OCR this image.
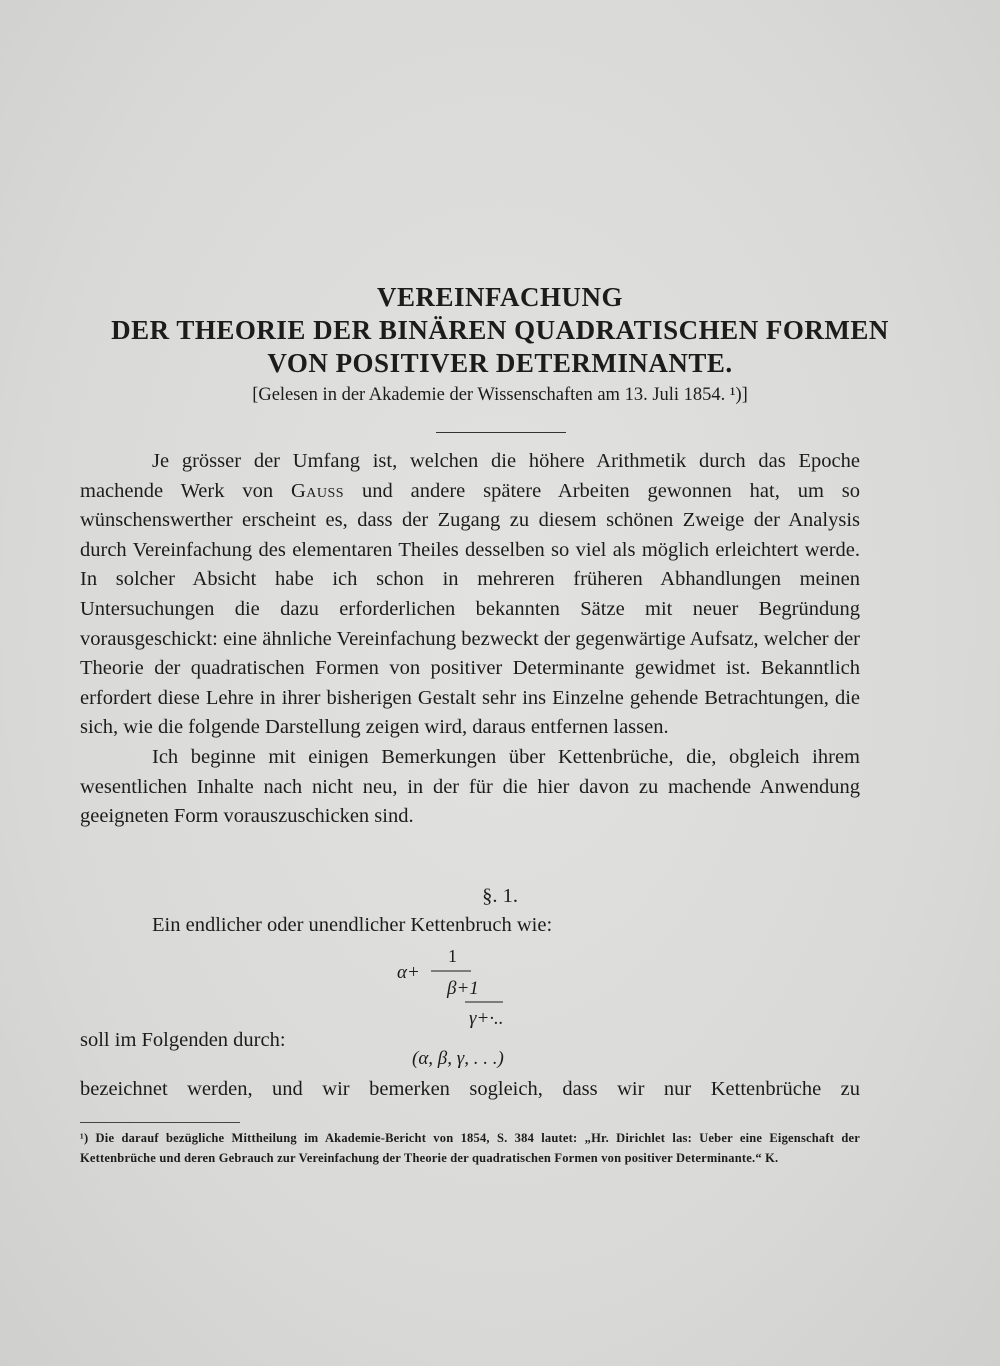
VEREINFACHUNG
DER THEORIE DER BINÄREN QUADRATISCHEN FORMEN
VON POSITIVER DETERMINANTE.
[Gelesen in der Akademie der Wissenschaften am 13. Juli 1854. ¹)]

Je grösser der Umfang ist, welchen die höhere Arithmetik durch das Epoche machende Werk von Gauss und andere spätere Arbeiten gewonnen hat, um so wünschenswerther erscheint es, dass der Zugang zu diesem schönen Zweige der Analysis durch Vereinfachung des elementaren Theiles desselben so viel als möglich erleichtert werde. In solcher Absicht habe ich schon in mehreren früheren Abhandlungen meinen Untersuchungen die dazu erforderlichen bekannten Sätze mit neuer Begründung vorausgeschickt: eine ähnliche Vereinfachung bezweckt der gegenwärtige Aufsatz, welcher der Theorie der quadratischen Formen von positiver Determinante gewidmet ist. Bekanntlich erfordert diese Lehre in ihrer bisherigen Gestalt sehr ins Einzelne gehende Betrachtungen, die sich, wie die folgende Darstellung zeigen wird, daraus entfernen lassen.

Ich beginne mit einigen Bemerkungen über Kettenbrüche, die, obgleich ihrem wesentlichen Inhalte nach nicht neu, in der für die hier davon zu machende Anwendung geeigneten Form vorauszuschicken sind.

§. 1.
Ein endlicher oder unendlicher Kettenbruch wie:
α+
1
β+1
γ+·..
soll im Folgenden durch:
(α, β, γ, . . .)
bezeichnet werden, und wir bemerken sogleich, dass wir nur Kettenbrüche zu
¹) Die darauf bezügliche Mittheilung im Akademie-Bericht von 1854, S. 384 lautet: „Hr. Dirichlet las: Ueber eine Eigenschaft der Kettenbrüche und deren Gebrauch zur Vereinfachung der Theorie der quadratischen Formen von positiver Determinante.“ K.
